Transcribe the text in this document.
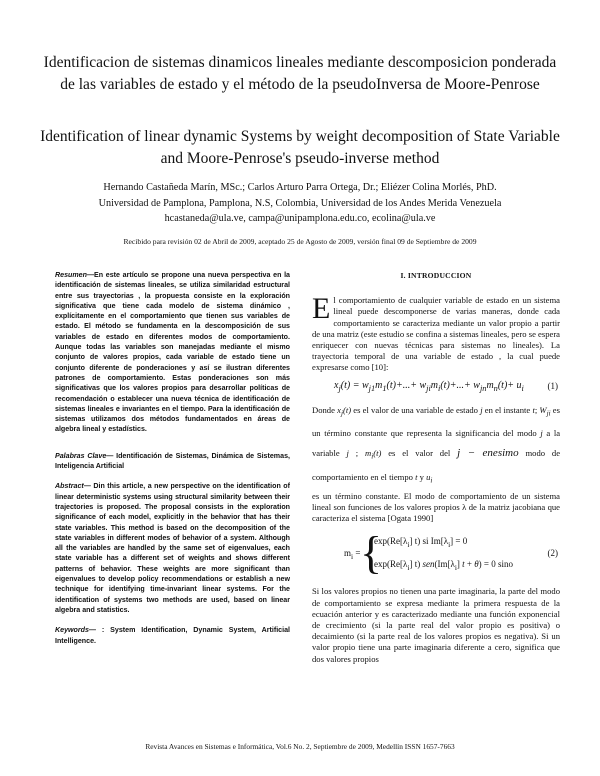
Identificacion de sistemas dinamicos lineales mediante descomposicion ponderada de las variables de estado y el método de la pseudoInversa de Moore-Penrose
Identification of linear dynamic Systems by weight decomposition of State Variable and Moore-Penrose's pseudo-inverse method
Hernando Castañeda Marín, MSc.; Carlos Arturo Parra Ortega, Dr.; Eliézer Colina Morlés, PhD.
Universidad de Pamplona, Pamplona, N.S, Colombia, Universidad de los Andes Merida Venezuela
hcastaneda@ula.ve, campa@unipamplona.edu.co, ecolina@ula.ve
Recibido para revisión 02 de Abril de 2009, aceptado 25 de Agosto de 2009, versión final 09 de Septiembre de 2009

Resumen—En este artículo se propone una nueva perspectiva en la identificación de sistemas lineales, se utiliza similaridad estructural entre sus trayectorias , la propuesta consiste en la exploración significativa que tiene cada modelo de sistema dinámico , explícitamente en el comportamiento que tienen sus variables de estado. El método se fundamenta en la descomposición de sus variables de estado en diferentes modos de comportamiento. Aunque todas las variables son manejadas mediante el mismo conjunto de valores propios, cada variable de estado tiene un conjunto diferente de ponderaciones y así se ilustran diferentes patrones de comportamiento. Estas ponderaciones son más significativas que los valores propios para desarrollar políticas de recomendación o establecer una nueva técnica de identificación de sistemas lineales e invariantes en el tiempo. Para la identificación de sistemas utilizamos dos métodos fundamentados en áreas de algebra lineal y estadístics.

Palabras Clave— Identificación de Sistemas, Dinámica de Sistemas, Inteligencia Artificial

Abstract— Din this article, a new perspective on the identification of linear deterministic systems using structural similarity between their trajectories is proposed. The proposal consists in the exploration significance of each model, explicitly in the behavior that has their state variables. This method is based on the decomposition of the state variables in different modes of behavior of a system. Although all the variables are handled by the same set of eigenvalues, each state variable has a different set of weights and shows different patterns of behavior. These weights are more significant than eigenvalues to develop policy recommendations or establish a new technique for identifying time-invariant linear systems. For the identification of systems two methods are used, based on linear algebra and statistics.

Keywords— : System Identification, Dynamic System, Artificial Intelligence.

I. INTRODUCCION

El comportamiento de cualquier variable de estado en un sistema lineal puede descomponerse de varias maneras, donde cada comportamiento se caracteriza mediante un valor propio a partir de una matriz (este estudio se confina a sistemas lineales, pero se espera enriquecer con nuevas técnicas para sistemas no lineales). La trayectoria temporal de una variable de estado , la cual puede expresarse como [10]:

$x_j(t) = w_{j1}m_1(t)+...+ w_{ji}m_i(t)+...+ w_{jn}m_n(t)+ u_i$	(1)

Donde $x_j(t)$ es el valor de una variable de estado j en el instante t; $W_{ji}$ es un término constante que representa la significancia del modo j a la variable j ; $m_i(t)$ es el valor del j − enesimo modo de comportamiento en el tiempo t y $u_i$

es un término constante. El modo de comportamiento de un sistema lineal son funciones de los valores propios λ de la matriz jacobiana que caracteriza el sistema [Ogata 1990]

$m_i$ = {
$\exp(Re[\lambda_i]$ t) si $Im[\lambda_i] = 0$
$\exp(Re[\lambda_i]$ t) $sen(Im[\lambda_i] t + \theta) = 0$ sino
(2)

Si los valores propios no tienen una parte imaginaria, la parte del modo de comportamiento se expresa mediante la primera respuesta de la ecuación anterior y es caracterizado mediante una función exponencial de crecimiento (si la parte real del valor propio es positiva) o decaimiento (si la parte real de los valores propios es negativa). Si un valor propio tiene una parte imaginaria diferente a cero, significa que dos valores propios

Revista Avances en Sistemas e Informática, Vol.6 No. 2, Septiembre de 2009, Medellín ISSN 1657-7663
